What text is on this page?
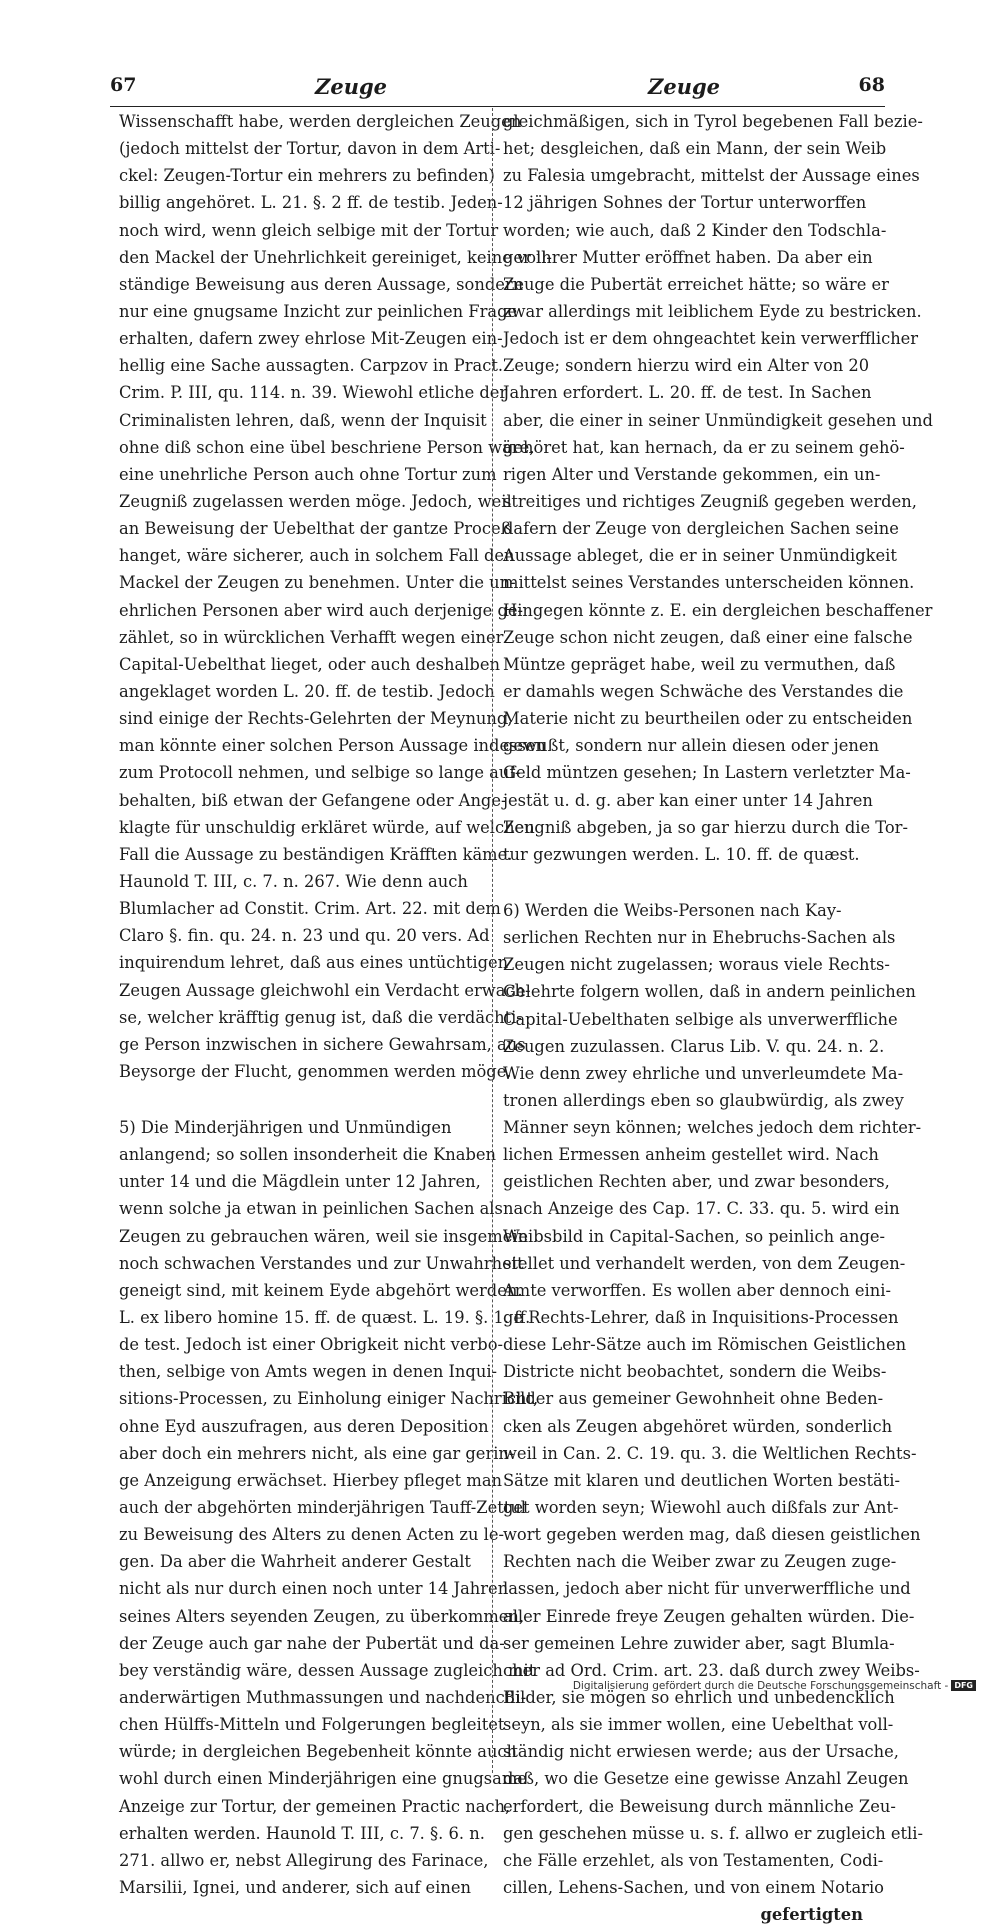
67	Zeuge	Zeuge	68
Wissenschafft habe, werden dergleichen Zeugen
(jedoch mittelst der Tortur, davon in dem Arti-
ckel: Zeugen-Tortur ein mehrers zu befinden)
billig angehöret. L. 21. §. 2 ff. de testib. Jeden-
noch wird, wenn gleich selbige mit der Tortur
den Mackel der Unehrlichkeit gereiniget, keine voll-
ständige Beweisung aus deren Aussage, sondern
nur eine gnugsame Inzicht zur peinlichen Frage
erhalten, dafern zwey ehrlose Mit-Zeugen ein-
hellig eine Sache aussagten. Carpzov in Pract.
Crim. P. III, qu. 114. n. 39. Wiewohl etliche der
Criminalisten lehren, daß, wenn der Inquisit
ohne diß schon eine übel beschriene Person wäre,
eine unehrliche Person auch ohne Tortur zum
Zeugniß zugelassen werden möge. Jedoch, weil
an Beweisung der Uebelthat der gantze Proceß
hanget, wäre sicherer, auch in solchem Fall den
Mackel der Zeugen zu benehmen. Unter die un-
ehrlichen Personen aber wird auch derjenige ge-
zählet, so in würcklichen Verhafft wegen einer
Capital-Uebelthat lieget, oder auch deshalben
angeklaget worden L. 20. ff. de testib. Jedoch
sind einige der Rechts-Gelehrten der Meynung,
man könnte einer solchen Person Aussage indessen
zum Protocoll nehmen, und selbige so lange auf-
behalten, biß etwan der Gefangene oder Ange-
klagte für unschuldig erkläret würde, auf welchen
Fall die Aussage zu beständigen Kräfften käme.
Haunold T. III, c. 7. n. 267. Wie denn auch
Blumlacher ad Constit. Crim. Art. 22. mit dem
Claro §. fin. qu. 24. n. 23 und qu. 20 vers. Ad
inquirendum lehret, daß aus eines untüchtigen
Zeugen Aussage gleichwohl ein Verdacht erwach-
se, welcher kräfftig genug ist, daß die verdächti-
ge Person inzwischen in sichere Gewahrsam, aus
Beysorge der Flucht, genommen werden möge.
5) Die Minderjährigen und Unmündigen
anlangend; so sollen insonderheit die Knaben
unter 14 und die Mägdlein unter 12 Jahren,
wenn solche ja etwan in peinlichen Sachen als
Zeugen zu gebrauchen wären, weil sie insgemein
noch schwachen Verstandes und zur Unwahrheit
geneigt sind, mit keinem Eyde abgehört werden.
L. ex libero homine 15. ff. de quæst. L. 19. §. 1. ff.
de test. Jedoch ist einer Obrigkeit nicht verbo-
then, selbige von Amts wegen in denen Inqui-
sitions-Processen, zu Einholung einiger Nachricht,
ohne Eyd auszufragen, aus deren Deposition
aber doch ein mehrers nicht, als eine gar gerin-
ge Anzeigung erwächset. Hierbey pfleget man
auch der abgehörten minderjährigen Tauff-Zettul
zu Beweisung des Alters zu denen Acten zu le-
gen. Da aber die Wahrheit anderer Gestalt
nicht als nur durch einen noch unter 14 Jahren
seines Alters seyenden Zeugen, zu überkommen,
der Zeuge auch gar nahe der Pubertät und da-
bey verständig wäre, dessen Aussage zugleich mit
anderwärtigen Muthmassungen und nachdencfli-
chen Hülffs-Mitteln und Folgerungen begleitet
würde; in dergleichen Begebenheit könnte auch
wohl durch einen Minderjährigen eine gnugsame
Anzeige zur Tortur, der gemeinen Practic nach,
erhalten werden. Haunold T. III, c. 7. §. 6. n.
271. allwo er, nebst Allegirung des Farinace,
Marsilii, Ignei, und anderer, sich auf einen
gleichmäßigen, sich in Tyrol begebenen Fall bezie-
het; desgleichen, daß ein Mann, der sein Weib
zu Falesia umgebracht, mittelst der Aussage eines
12 jährigen Sohnes der Tortur unterworffen
worden; wie auch, daß 2 Kinder den Todschla-
ger ihrer Mutter eröffnet haben. Da aber ein
Zeuge die Pubertät erreichet hätte; so wäre er
zwar allerdings mit leiblichem Eyde zu bestricken.
Jedoch ist er dem ohngeachtet kein verwerfflicher
Zeuge; sondern hierzu wird ein Alter von 20
Jahren erfordert. L. 20. ff. de test. In Sachen
aber, die einer in seiner Unmündigkeit gesehen und
gehöret hat, kan hernach, da er zu seinem gehö-
rigen Alter und Verstande gekommen, ein un-
streitiges und richtiges Zeugniß gegeben werden,
dafern der Zeuge von dergleichen Sachen seine
Aussage ableget, die er in seiner Unmündigkeit
mittelst seines Verstandes unterscheiden können.
Hingegen könnte z. E. ein dergleichen beschaffener
Zeuge schon nicht zeugen, daß einer eine falsche
Müntze gepräget habe, weil zu vermuthen, daß
er damahls wegen Schwäche des Verstandes die
Materie nicht zu beurtheilen oder zu entscheiden
gewußt, sondern nur allein diesen oder jenen
Geld müntzen gesehen; In Lastern verletzter Ma-
jestät u. d. g. aber kan einer unter 14 Jahren
Zeugniß abgeben, ja so gar hierzu durch die Tor-
tur gezwungen werden. L. 10. ff. de quæst.
6) Werden die Weibs-Personen nach Kay-
serlichen Rechten nur in Ehebruchs-Sachen als
Zeugen nicht zugelassen; woraus viele Rechts-
Gelehrte folgern wollen, daß in andern peinlichen
Capital-Uebelthaten selbige als unverwerffliche
Zeugen zuzulassen. Clarus Lib. V. qu. 24. n. 2.
Wie denn zwey ehrliche und unverleumdete Ma-
tronen allerdings eben so glaubwürdig, als zwey
Männer seyn können; welches jedoch dem richter-
lichen Ermessen anheim gestellet wird. Nach
geistlichen Rechten aber, und zwar besonders,
nach Anzeige des Cap. 17. C. 33. qu. 5. wird ein
Weibsbild in Capital-Sachen, so peinlich ange-
stellet und verhandelt werden, von dem Zeugen-
Amte verworffen. Es wollen aber dennoch eini-
ge Rechts-Lehrer, daß in Inquisitions-Processen
diese Lehr-Sätze auch im Römischen Geistlichen
Districte nicht beobachtet, sondern die Weibs-
Bilder aus gemeiner Gewohnheit ohne Beden-
cken als Zeugen abgehöret würden, sonderlich
weil in Can. 2. C. 19. qu. 3. die Weltlichen Rechts-
Sätze mit klaren und deutlichen Worten bestäti-
get worden seyn; Wiewohl auch dißfals zur Ant-
wort gegeben werden mag, daß diesen geistlichen
Rechten nach die Weiber zwar zu Zeugen zuge-
lassen, jedoch aber nicht für unverwerffliche und
aller Einrede freye Zeugen gehalten würden. Die-
ser gemeinen Lehre zuwider aber, sagt Blumla-
cher ad Ord. Crim. art. 23. daß durch zwey Weibs-
Bilder, sie mögen so ehrlich und unbedencklich
seyn, als sie immer wollen, eine Uebelthat voll-
ständig nicht erwiesen werde; aus der Ursache,
daß, wo die Gesetze eine gewisse Anzahl Zeugen
erfordert, die Beweisung durch männliche Zeu-
gen geschehen müsse u. s. f. allwo er zugleich etli-
che Fälle erzehlet, als von Testamenten, Codi-
cillen, Lehens-Sachen, und von einem Notario
gefertigten
Digitalisierung gefördert durch die Deutsche Forschungsgemeinschaft - DFG
